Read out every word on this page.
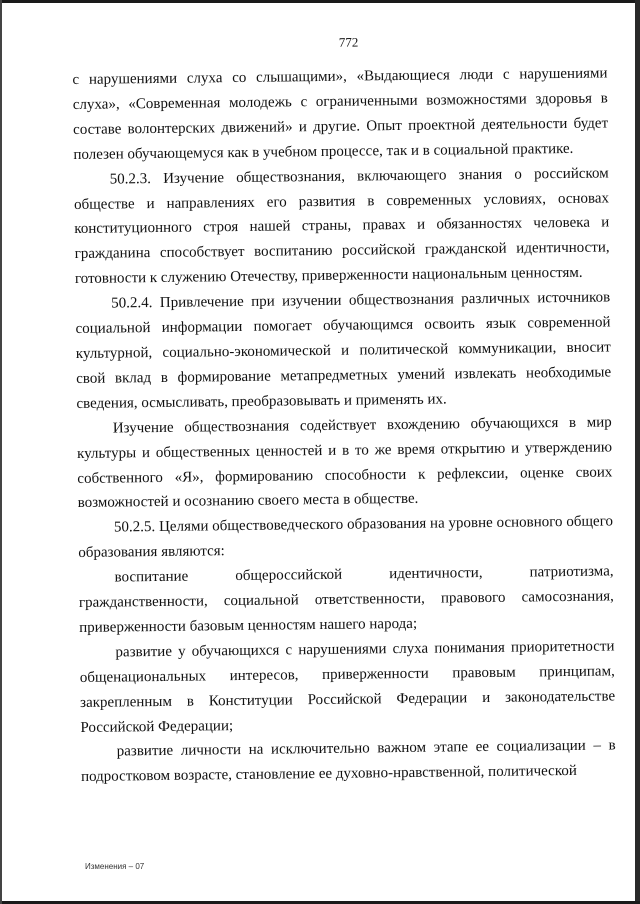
772

с нарушениями слуха со слышащими», «Выдающиеся люди с нарушениями слуха», «Современная молодежь с ограниченными возможностями здоровья в составе волонтерских движений» и другие. Опыт проектной деятельности будет полезен обучающемуся как в учебном процессе, так и в социальной практике.

50.2.3. Изучение обществознания, включающего знания о российском обществе и направлениях его развития в современных условиях, основах конституционного строя нашей страны, правах и обязанностях человека и гражданина способствует воспитанию российской гражданской идентичности, готовности к служению Отечеству, приверженности национальным ценностям.

50.2.4. Привлечение при изучении обществознания различных источников социальной информации помогает обучающимся освоить язык современной культурной, социально-экономической и политической коммуникации, вносит свой вклад в формирование метапредметных умений извлекать необходимые сведения, осмысливать, преобразовывать и применять их.

Изучение обществознания содействует вхождению обучающихся в мир культуры и общественных ценностей и в то же время открытию и утверждению собственного «Я», формированию способности к рефлексии, оценке своих возможностей и осознанию своего места в обществе.

50.2.5. Целями обществоведческого образования на уровне основного общего образования являются:

воспитание общероссийской идентичности, патриотизма, гражданственности, социальной ответственности, правового самосознания, приверженности базовым ценностям нашего народа;

развитие у обучающихся с нарушениями слуха понимания приоритетности общенациональных интересов, приверженности правовым принципам, закрепленным в Конституции Российской Федерации и законодательстве Российской Федерации;

развитие личности на исключительно важном этапе ее социализации – в подростковом возрасте, становление ее духовно-нравственной, политической

Изменения – 07
